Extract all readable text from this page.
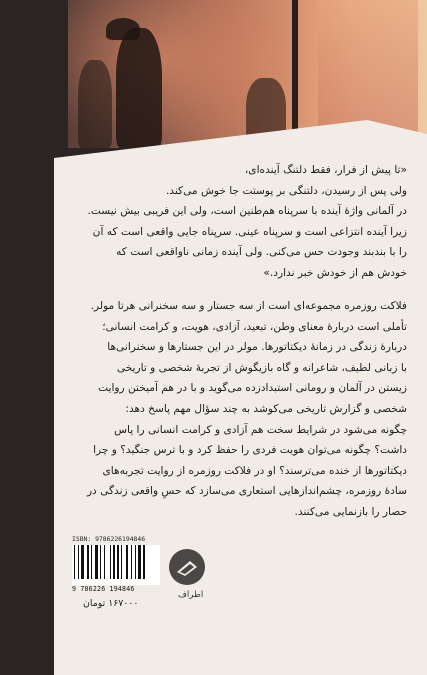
«تا پیش از فرار، فقط دلتنگ آینده‌ای،

ولی پس از رسیدن، دلتنگی بر پوستت جا خوش می‌کند.

در آلمانی واژهٔ آینده با سرپناه هم‌طنین است، ولی این فریبی بیش نیست.

زیرا آینده انتزاعی است و سرپناه عینی. سرپناه جایی واقعی است که آن

را با بندبند وجودت حس می‌کنی. ولی آینده زمانی ناواقعی است که

خودش هم از خودش خبر ندارد.»

فلاکت روزمره مجموعه‌ای است از سه جستار و سه سخنرانی هرتا مولر.

تأملی است دربارهٔ معنای وطن، تبعید، آزادی، هویت، و کرامت انسانی؛

دربارهٔ زندگی در زمانهٔ دیکتاتورها. مولر در این جستارها و سخنرانی‌ها

با زبانی لطیف، شاعرانه و گاه بازیگوش از تجربهٔ شخصی و تاریخی

زیستن در آلمان و رومانی استبدادزده می‌گوید و با در هم آمیختن روایت

شخصی و گزارش تاریخی می‌کوشد به چند سؤال مهم پاسخ دهد:

چگونه می‌شود در شرایط سخت هم آزادی و کرامت انسانی را پاس

داشت؟ چگونه می‌توان هویت فردی را حفظ کرد و با ترس جنگید؟ و چرا

دیکتاتورها از خنده می‌ترسند؟ او در فلاکت روزمره از روایت تجربه‌های

سادهٔ روزمره، چشم‌اندازهایی استعاری می‌سازد که حسِ واقعی زندگی در

حصار را بازنمایی می‌کنند.

ISBN: 9786226194846
9 786226 194846
۱۶۷۰۰۰ تومان
اطراف
